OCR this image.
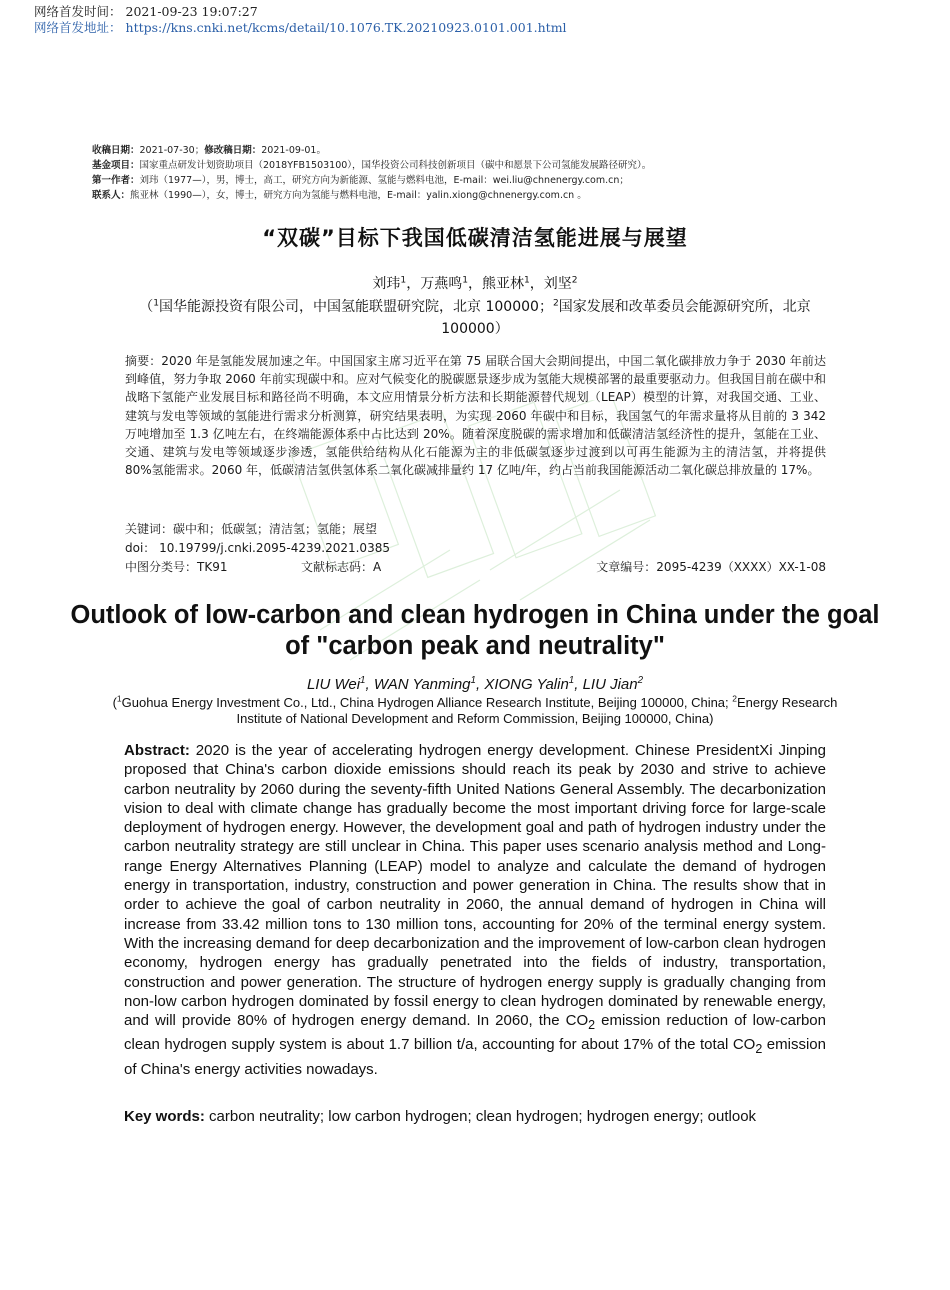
网络首发时间： 2021-09-23 19:07:27
网络首发地址： https://kns.cnki.net/kcms/detail/10.1076.TK.20210923.0101.001.html
收稿日期：2021-07-30；修改稿日期：2021-09-01。
基金项目：国家重点研发计划资助项目（2018YFB1503100），国华投资公司科技创新项目（碳中和愿景下公司氢能发展路径研究）。
第一作者：刘玮（1977—），男，博士，高工，研究方向为新能源、氢能与燃料电池，E-mail：wei.liu@chnenergy.com.cn；
联系人：熊亚林（1990—），女，博士，研究方向为氢能与燃料电池，E-mail：yalin.xiong@chnenergy.com.cn 。
“双碳”目标下我国低碳清洁氢能进展与展望
刘玮$^1$，万燕鸣$^1$，熊亚林$^1$，刘坚$^2$
（$^1$国华能源投资有限公司，中国氢能联盟研究院，北京 100000；$^2$国家发展和改革委员会能源研究所，北京 100000）
摘要：2020 年是氢能发展加速之年。中国国家主席习近平在第 75 届联合国大会期间提出，中国二氧化碳排放力争于 2030 年前达到峰值，努力争取 2060 年前实现碳中和。应对气候变化的脱碳愿景逐步成为氢能大规模部署的最重要驱动力。但我国目前在碳中和战略下氢能产业发展目标和路径尚不明确，本文应用情景分析方法和长期能源替代规划（LEAP）模型的计算，对我国交通、工业、建筑与发电等领域的氢能进行需求分析测算，研究结果表明，为实现 2060 年碳中和目标，我国氢气的年需求量将从目前的 3 342 万吨增加至 1.3 亿吨左右，在终端能源体系中占比达到 20%。随着深度脱碳的需求增加和低碳清洁氢经济性的提升，氢能在工业、交通、建筑与发电等领域逐步渗透，氢能供给结构从化石能源为主的非低碳氢逐步过渡到以可再生能源为主的清洁氢，并将提供 80%氢能需求。2060 年，低碳清洁氢供氢体系二氧化碳减排量约 17 亿吨/年，约占当前我国能源活动二氧化碳总排放量的 17%。
关键词：碳中和；低碳氢；清洁氢；氢能；展望
doi： 10.19799/j.cnki.2095-4239.2021.0385
中图分类号：TK91	文献标志码：A	文章编号：2095-4239（XXXX）XX-1-08
Outlook of low-carbon and clean hydrogen in China under the goal of "carbon peak and neutrality"
LIU Wei$^1$, WAN Yanming$^1$, XIONG Yalin$^1$, LIU Jian$^2$
($^1$Guohua Energy Investment Co., Ltd., China Hydrogen Alliance Research Institute, Beijing 100000, China; $^2$Energy Research Institute of National Development and Reform Commission, Beijing 100000, China)
Abstract: 2020 is the year of accelerating hydrogen energy development. Chinese PresidentXi Jinping proposed that China's carbon dioxide emissions should reach its peak by 2030 and strive to achieve carbon neutrality by 2060 during the seventy-fifth United Nations General Assembly. The decarbonization vision to deal with climate change has gradually become the most important driving force for large-scale deployment of hydrogen energy. However, the development goal and path of hydrogen industry under the carbon neutrality strategy are still unclear in China. This paper uses scenario analysis method and Long-range Energy Alternatives Planning (LEAP) model to analyze and calculate the demand of hydrogen energy in transportation, industry, construction and power generation in China. The results show that in order to achieve the goal of carbon neutrality in 2060, the annual demand of hydrogen in China will increase from 33.42 million tons to 130 million tons, accounting for 20% of the terminal energy system. With the increasing demand for deep decarbonization and the improvement of low-carbon clean hydrogen economy, hydrogen energy has gradually penetrated into the fields of industry, transportation, construction and power generation. The structure of hydrogen energy supply is gradually changing from non-low carbon hydrogen dominated by fossil energy to clean hydrogen dominated by renewable energy, and will provide 80% of hydrogen energy demand. In 2060, the $CO_2$ emission reduction of low-carbon clean hydrogen supply system is about 1.7 billion t/a, accounting for about 17% of the total $CO_2$ emission of China's energy activities nowadays.
Key words: carbon neutrality; low carbon hydrogen; clean hydrogen; hydrogen energy; outlook
